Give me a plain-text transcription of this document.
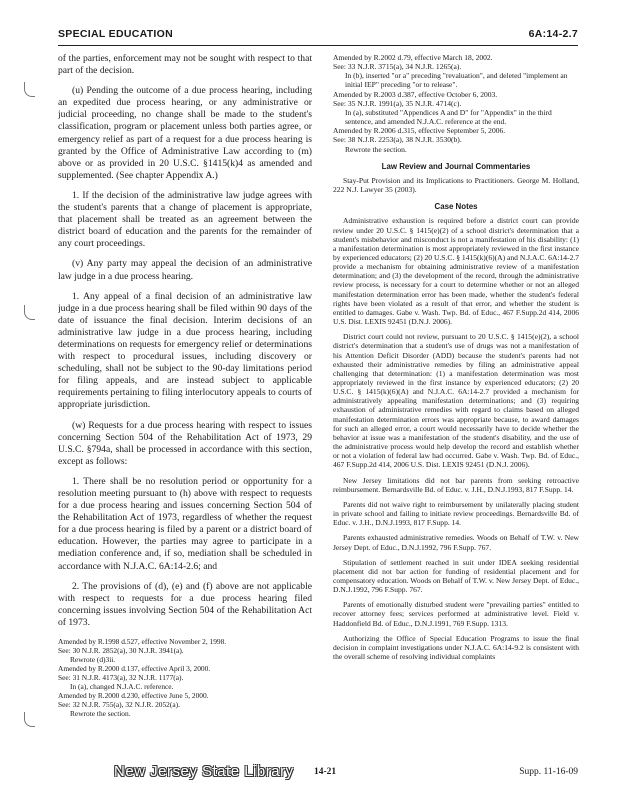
SPECIAL EDUCATION	6A:14-2.7

of the parties, enforcement may not be sought with respect to that part of the decision.

(u) Pending the outcome of a due process hearing, including an expedited due process hearing, or any administrative or judicial proceeding, no change shall be made to the student's classification, program or placement unless both parties agree, or emergency relief as part of a request for a due process hearing is granted by the Office of Administrative Law according to (m) above or as provided in 20 U.S.C. §1415(k)4 as amended and supplemented. (See chapter Appendix A.)

1. If the decision of the administrative law judge agrees with the student's parents that a change of placement is appropriate, that placement shall be treated as an agreement between the district board of education and the parents for the remainder of any court proceedings.

(v) Any party may appeal the decision of an administrative law judge in a due process hearing.

1. Any appeal of a final decision of an administrative law judge in a due process hearing shall be filed within 90 days of the date of issuance the final decision. Interim decisions of an administrative law judge in a due process hearing, including determinations on requests for emergency relief or determinations with respect to procedural issues, including discovery or scheduling, shall not be subject to the 90-day limitations period for filing appeals, and are instead subject to applicable requirements pertaining to filing interlocutory appeals to courts of appropriate jurisdiction.

(w) Requests for a due process hearing with respect to issues concerning Section 504 of the Rehabilitation Act of 1973, 29 U.S.C. §794a, shall be processed in accordance with this section, except as follows:

1. There shall be no resolution period or opportunity for a resolution meeting pursuant to (h) above with respect to requests for a due process hearing and issues concerning Section 504 of the Rehabilitation Act of 1973, regardless of whether the request for a due process hearing is filed by a parent or a district board of education. However, the parties may agree to participate in a mediation conference and, if so, mediation shall be scheduled in accordance with N.J.A.C. 6A:14-2.6; and

2. The provisions of (d), (e) and (f) above are not applicable with respect to requests for a due process hearing filed concerning issues involving Section 504 of the Rehabilitation Act of 1973.

Amended by R.1998 d.527, effective November 2, 1998.
See: 30 N.J.R. 2852(a), 30 N.J.R. 3941(a).
Rewrote (d)3ii.
Amended by R.2000 d.137, effective April 3, 2000.
See: 31 N.J.R. 4173(a), 32 N.J.R. 1177(a).
In (a), changed N.J.A.C. reference.
Amended by R.2000 d.230, effective June 5, 2000.
See: 32 N.J.R. 755(a), 32 N.J.R. 2052(a).
Rewrote the section.
Amended by R.2002 d.79, effective March 18, 2002.
See: 33 N.J.R. 3715(a), 34 N.J.R. 1265(a).
In (b), inserted "or a" preceding "revaluation", and deleted "implement an initial IEP" preceding "or to release".
Amended by R.2003 d.387, effective October 6, 2003.
See: 35 N.J.R. 1991(a), 35 N.J.R. 4714(c).
In (a), substituted "Appendices A and D" for "Appendix" in the third sentence, and amended N.J.A.C. reference at the end.
Amended by R.2006 d.315, effective September 5, 2006.
See: 38 N.J.R. 2253(a), 38 N.J.R. 3530(b).
Rewrote the section.
Law Review and Journal Commentaries

Stay-Put Provision and its Implications to Practitioners. George M. Holland, 222 N.J. Lawyer 35 (2003).

Case Notes

Administrative exhaustion is required before a district court can provide review under 20 U.S.C. § 1415(e)(2) of a school district's determination that a student's misbehavior and misconduct is not a manifestation of his disability: (1) a manifestation determination is most appropriately reviewed in the first instance by experienced educators; (2) 20 U.S.C. § 1415(k)(6)(A) and N.J.A.C. 6A:14-2.7 provide a mechanism for obtaining administrative review of a manifestation determination; and (3) the development of the record, through the administrative review process, is necessary for a court to determine whether or not an alleged manifestation determination error has been made, whether the student's federal rights have been violated as a result of that error, and whether the student is entitled to damages. Gabe v. Wash. Twp. Bd. of Educ., 467 F.Supp.2d 414, 2006 U.S. Dist. LEXIS 92451 (D.N.J. 2006).

District court could not review, pursuant to 20 U.S.C. § 1415(e)(2), a school district's determination that a student's use of drugs was not a manifestation of his Attention Deficit Disorder (ADD) because the student's parents had not exhausted their administrative remedies by filing an administrative appeal challenging that determination: (1) a manifestation determination was most appropriately reviewed in the first instance by experienced educators; (2) 20 U.S.C. § 1415(k)(6)(A) and N.J.A.C. 6A:14-2.7 provided a mechanism for administratively appealing manifestation determinations; and (3) requiring exhaustion of administrative remedies with regard to claims based on alleged manifestation determination errors was appropriate because, to award damages for such an alleged error, a court would necessarily have to decide whether the behavior at issue was a manifestation of the student's disability, and the use of the administrative process would help develop the record and establish whether or not a violation of federal law had occurred. Gabe v. Wash. Twp. Bd. of Educ., 467 F.Supp.2d 414, 2006 U.S. Dist. LEXIS 92451 (D.N.J. 2006).

New Jersey limitations did not bar parents from seeking retroactive reimbursement. Bernardsville Bd. of Educ. v. J.H., D.N.J.1993, 817 F.Supp. 14.

Parents did not waive right to reimbursement by unilaterally placing student in private school and failing to initiate review proceedings. Bernardsville Bd. of Educ. v. J.H., D.N.J.1993, 817 F.Supp. 14.

Parents exhausted administrative remedies. Woods on Behalf of T.W. v. New Jersey Dept. of Educ., D.N.J.1992, 796 F.Supp. 767.

Stipulation of settlement reached in suit under IDEA seeking residential placement did not bar action for funding of residential placement and for compensatory education. Woods on Behalf of T.W. v. New Jersey Dept. of Educ., D.N.J.1992, 796 F.Supp. 767.

Parents of emotionally disturbed student were "prevailing parties" entitled to recover attorney fees; services performed at administrative level. Field v. Haddonfield Bd. of Educ., D.N.J.1991, 769 F.Supp. 1313.

Authorizing the Office of Special Education Programs to issue the final decision in complaint investigations under N.J.A.C. 6A:14-9.2 is consistent with the overall scheme of resolving individual complaints

New Jersey State Library 14-21	Supp. 11-16-09
